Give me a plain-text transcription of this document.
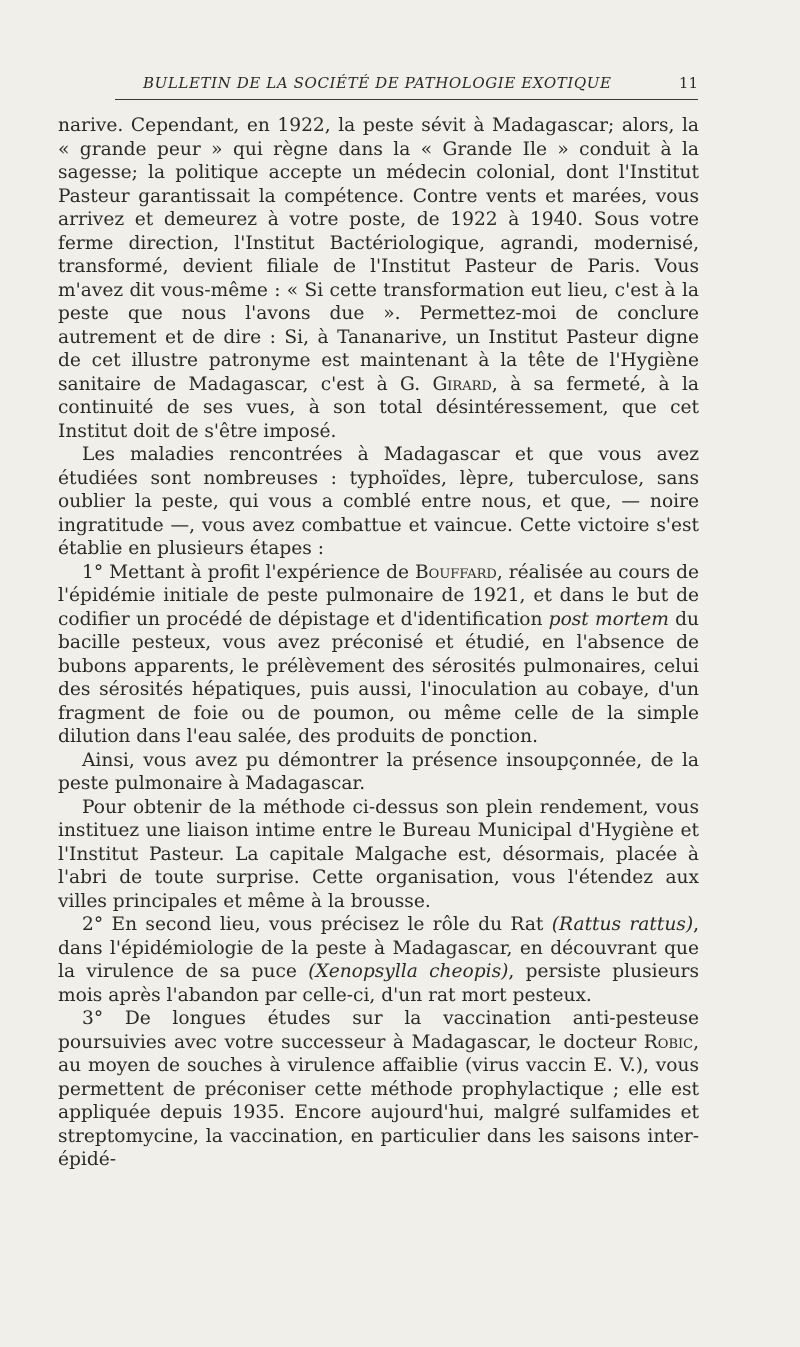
BULLETIN DE LA SOCIÉTÉ DE PATHOLOGIE EXOTIQUE	11

narive. Cependant, en 1922, la peste sévit à Madagascar; alors, la « grande peur » qui règne dans la « Grande Ile » conduit à la sagesse; la politique accepte un médecin colonial, dont l'Institut Pasteur garantissait la compétence. Contre vents et marées, vous arrivez et demeurez à votre poste, de 1922 à 1940. Sous votre ferme direction, l'Institut Bactériologique, agrandi, modernisé, transformé, devient filiale de l'Institut Pasteur de Paris. Vous m'avez dit vous-même : « Si cette transformation eut lieu, c'est à la peste que nous l'avons due ». Permettez-moi de conclure autrement et de dire : Si, à Tananarive, un Institut Pasteur digne de cet illustre patronyme est maintenant à la tête de l'Hygiène sanitaire de Madagascar, c'est à G. Girard, à sa fermeté, à la continuité de ses vues, à son total désintéressement, que cet Institut doit de s'être imposé.

Les maladies rencontrées à Madagascar et que vous avez étudiées sont nombreuses : typhoïdes, lèpre, tuberculose, sans oublier la peste, qui vous a comblé entre nous, et que, — noire ingratitude —, vous avez combattue et vaincue. Cette victoire s'est établie en plusieurs étapes :

1° Mettant à profit l'expérience de Bouffard, réalisée au cours de l'épidémie initiale de peste pulmonaire de 1921, et dans le but de codifier un procédé de dépistage et d'identification post mortem du bacille pesteux, vous avez préconisé et étudié, en l'absence de bubons apparents, le prélèvement des sérosités pulmonaires, celui des sérosités hépatiques, puis aussi, l'inoculation au cobaye, d'un fragment de foie ou de poumon, ou même celle de la simple dilution dans l'eau salée, des produits de ponction.

Ainsi, vous avez pu démontrer la présence insoupçonnée, de la peste pulmonaire à Madagascar.

Pour obtenir de la méthode ci-dessus son plein rendement, vous instituez une liaison intime entre le Bureau Municipal d'Hygiène et l'Institut Pasteur. La capitale Malgache est, désormais, placée à l'abri de toute surprise. Cette organisation, vous l'étendez aux villes principales et même à la brousse.

2° En second lieu, vous précisez le rôle du Rat (Rattus rattus), dans l'épidémiologie de la peste à Madagascar, en découvrant que la virulence de sa puce (Xenopsylla cheopis), persiste plusieurs mois après l'abandon par celle-ci, d'un rat mort pesteux.

3° De longues études sur la vaccination anti-pesteuse poursuivies avec votre successeur à Madagascar, le docteur Robic, au moyen de souches à virulence affaiblie (virus vaccin E. V.), vous permettent de préconiser cette méthode prophylactique ; elle est appliquée depuis 1935. Encore aujourd'hui, malgré sulfamides et streptomycine, la vaccination, en particulier dans les saisons inter-épidé-
